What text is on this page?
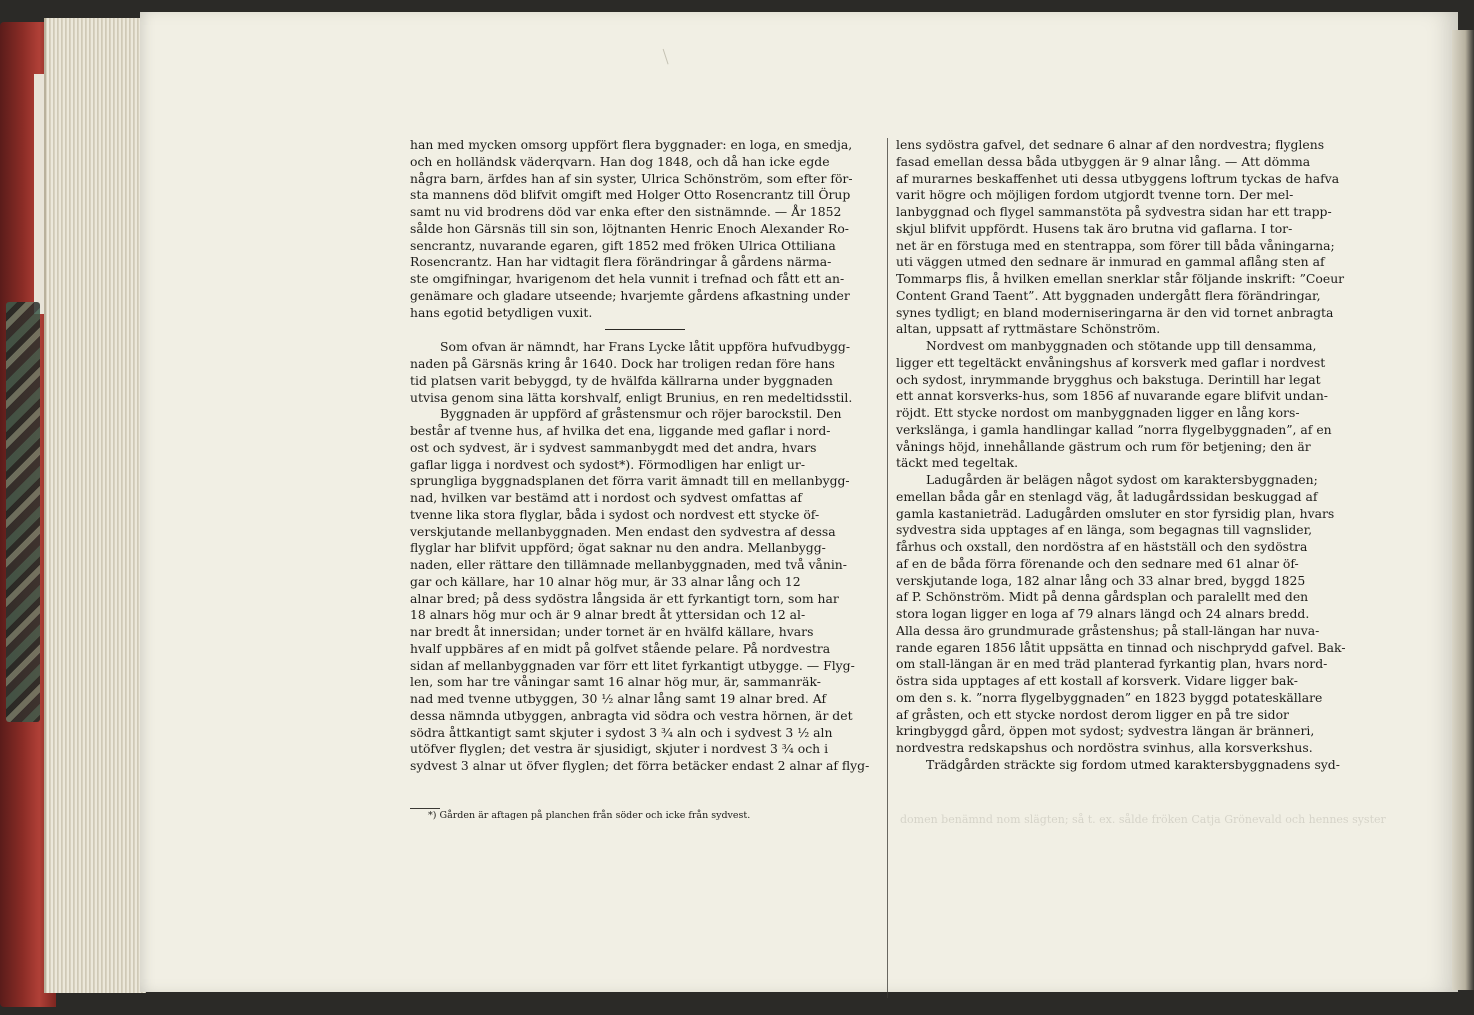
han med mycken omsorg uppfört flera byggnader: en loga, en smedja,
och en holländsk väderqvarn. Han dog 1848, och då han icke egde
några barn, ärfdes han af sin syster, Ulrica Schönström, som efter för-
sta mannens död blifvit omgift med Holger Otto Rosencrantz till Örup
samt nu vid brodrens död var enka efter den sistnämnde. — År 1852
sålde hon Gärsnäs till sin son, löjtnanten Henric Enoch Alexander Ro-
sencrantz, nuvarande egaren, gift 1852 med fröken Ulrica Ottiliana
Rosencrantz. Han har vidtagit flera förändringar å gårdens närma-
ste omgifningar, hvarigenom det hela vunnit i trefnad och fått ett an-
genämare och gladare utseende; hvarjemte gårdens afkastning under
hans egotid betydligen vuxit.

Som ofvan är nämndt, har Frans Lycke låtit uppföra hufvudbygg-
naden på Gärsnäs kring år 1640. Dock har troligen redan före hans
tid platsen varit bebyggd, ty de hvälfda källrarna under byggnaden
utvisa genom sina lätta korshvalf, enligt Brunius, en ren medeltidsstil.

Byggnaden är uppförd af gråstensmur och röjer barockstil. Den
består af tvenne hus, af hvilka det ena, liggande med gaflar i nord-
ost och sydvest, är i sydvest sammanbygdt med det andra, hvars
gaflar ligga i nordvest och sydost*). Förmodligen har enligt ur-
sprungliga byggnadsplanen det förra varit ämnadt till en mellanbygg-
nad, hvilken var bestämd att i nordost och sydvest omfattas af
tvenne lika stora flyglar, båda i sydost och nordvest ett stycke öf-
verskjutande mellanbyggnaden. Men endast den sydvestra af dessa
flyglar har blifvit uppförd; ögat saknar nu den andra. Mellanbygg-
naden, eller rättare den tillämnade mellanbyggnaden, med två vånin-
gar och källare, har 10 alnar hög mur, är 33 alnar lång och 12
alnar bred; på dess sydöstra långsida är ett fyrkantigt torn, som har
18 alnars hög mur och är 9 alnar bredt åt yttersidan och 12 al-
nar bredt åt innersidan; under tornet är en hvälfd källare, hvars
hvalf uppbäres af en midt på golfvet stående pelare. På nordvestra
sidan af mellanbyggnaden var förr ett litet fyrkantigt utbygge. — Flyg-
len, som har tre våningar samt 16 alnar hög mur, är, sammanräk-
nad med tvenne utbyggen, 30 ½ alnar lång samt 19 alnar bred. Af
dessa nämnda utbyggen, anbragta vid södra och vestra hörnen, är det
södra åttkantigt samt skjuter i sydost 3 ¾ aln och i sydvest 3 ½ aln
utöfver flyglen; det vestra är sjusidigt, skjuter i nordvest 3 ¾ och i
sydvest 3 alnar ut öfver flyglen; det förra betäcker endast 2 alnar af flyg-

lens sydöstra gafvel, det sednare 6 alnar af den nordvestra; flyglens
fasad emellan dessa båda utbyggen är 9 alnar lång. — Att dömma
af murarnes beskaffenhet uti dessa utbyggens loftrum tyckas de hafva
varit högre och möjligen fordom utgjordt tvenne torn. Der mel-
lanbyggnad och flygel sammanstöta på sydvestra sidan har ett trapp-
skjul blifvit uppfördt. Husens tak äro brutna vid gaflarna. I tor-
net är en förstuga med en stentrappa, som förer till båda våningarna;
uti väggen utmed den sednare är inmurad en gammal aflång sten af
Tommarps flis, å hvilken emellan snerklar står följande inskrift: ”Coeur
Content Grand Taent”. Att byggnaden undergått flera förändringar,
synes tydligt; en bland moderniseringarna är den vid tornet anbragta
altan, uppsatt af ryttmästare Schönström.

Nordvest om manbyggnaden och stötande upp till densamma,
ligger ett tegeltäckt envåningshus af korsverk med gaflar i nordvest
och sydost, inrymmande brygghus och bakstuga. Derintill har legat
ett annat korsverks-hus, som 1856 af nuvarande egare blifvit undan-
röjdt. Ett stycke nordost om manbyggnaden ligger en lång kors-
verkslänga, i gamla handlingar kallad ”norra flygelbyggnaden”, af en
vånings höjd, innehållande gästrum och rum för betjening; den är
täckt med tegeltak.

Ladugården är belägen något sydost om karaktersbyggnaden;
emellan båda går en stenlagd väg, åt ladugårdssidan beskuggad af
gamla kastanieträd. Ladugården omsluter en stor fyrsidig plan, hvars
sydvestra sida upptages af en länga, som begagnas till vagnslider,
fårhus och oxstall, den nordöstra af en hästställ och den sydöstra
af en de båda förra förenande och den sednare med 61 alnar öf-
verskjutande loga, 182 alnar lång och 33 alnar bred, byggd 1825
af P. Schönström. Midt på denna gårdsplan och paralellt med den
stora logan ligger en loga af 79 alnars längd och 24 alnars bredd.
Alla dessa äro grundmurade gråstenshus; på stall-längan har nuva-
rande egaren 1856 låtit uppsätta en tinnad och nischprydd gafvel. Bak-
om stall-längan är en med träd planterad fyrkantig plan, hvars nord-
östra sida upptages af ett kostall af korsverk. Vidare ligger bak-
om den s. k. ”norra flygelbyggnaden” en 1823 byggd potateskällare
af gråsten, och ett stycke nordost derom ligger en på tre sidor
kringbyggd gård, öppen mot sydost; sydvestra längan är bränneri,
nordvestra redskapshus och nordöstra svinhus, alla korsverkshus.

Trädgården sträckte sig fordom utmed karaktersbyggnadens syd-

*) Gården är aftagen på planchen från söder och icke från sydvest.	domen benämnd nom slägten; så t. ex. sålde fröken Catja Grönevald och hennes syster
